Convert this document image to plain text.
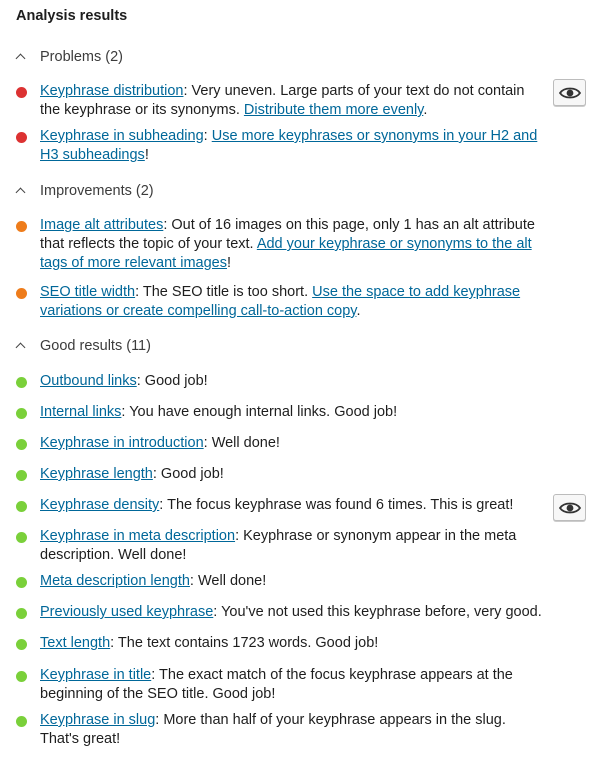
Analysis results
Problems (2)
Keyphrase distribution: Very uneven. Large parts of your text do not contain the keyphrase or its synonyms. Distribute them more evenly.
Keyphrase in subheading: Use more keyphrases or synonyms in your H2 and H3 subheadings!
Improvements (2)
Image alt attributes: Out of 16 images on this page, only 1 has an alt attribute that reflects the topic of your text. Add your keyphrase or synonyms to the alt tags of more relevant images!
SEO title width: The SEO title is too short. Use the space to add keyphrase variations or create compelling call-to-action copy.
Good results (11)
Outbound links: Good job!
Internal links: You have enough internal links. Good job!
Keyphrase in introduction: Well done!
Keyphrase length: Good job!
Keyphrase density: The focus keyphrase was found 6 times. This is great!
Keyphrase in meta description: Keyphrase or synonym appear in the meta description. Well done!
Meta description length: Well done!
Previously used keyphrase: You've not used this keyphrase before, very good.
Text length: The text contains 1723 words. Good job!
Keyphrase in title: The exact match of the focus keyphrase appears at the beginning of the SEO title. Good job!
Keyphrase in slug: More than half of your keyphrase appears in the slug. That's great!
